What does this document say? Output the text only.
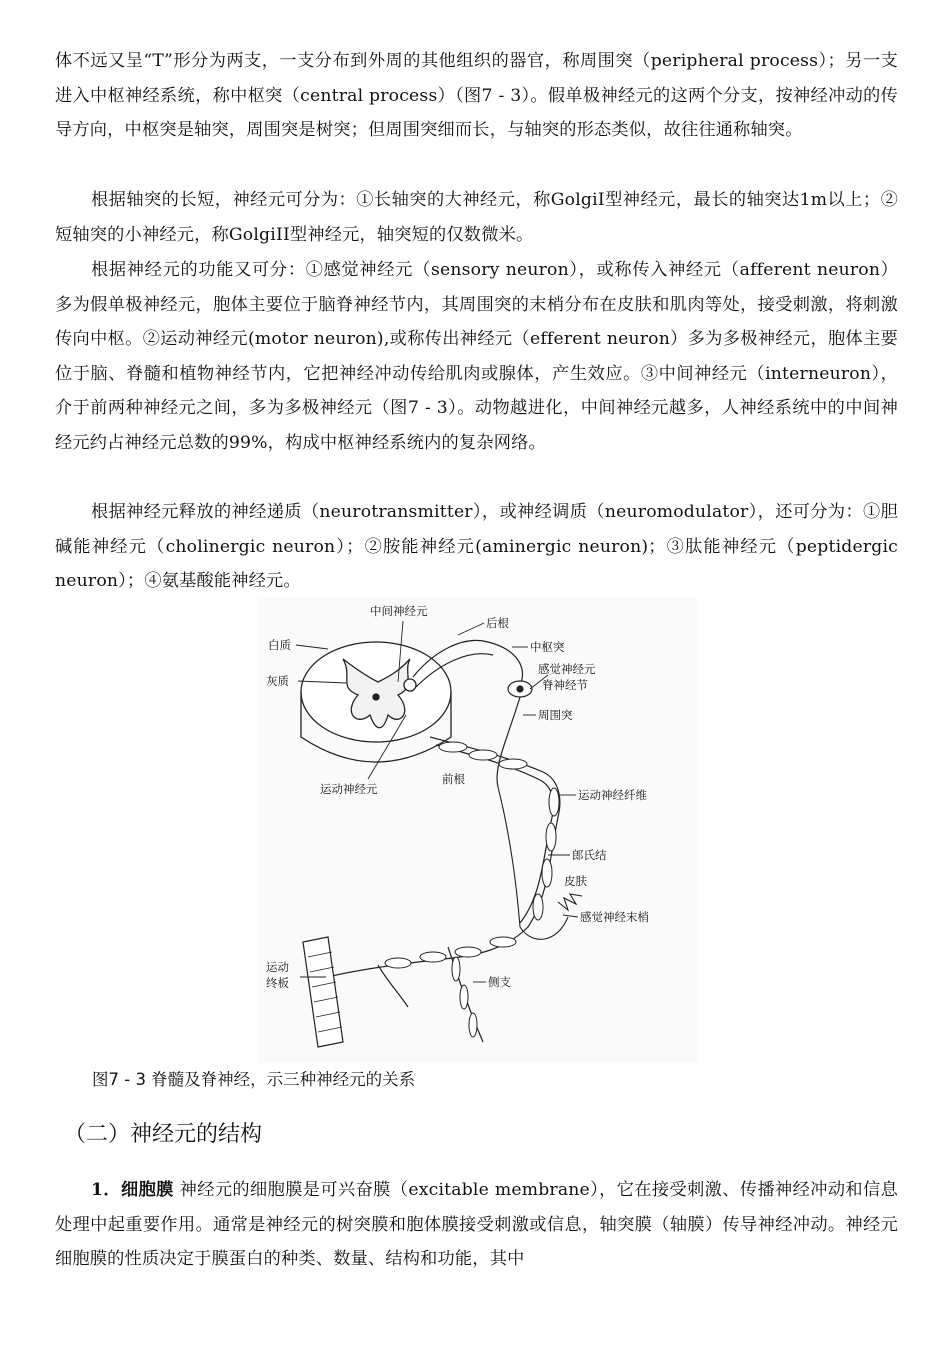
体不远又呈“T”形分为两支，一支分布到外周的其他组织的器官，称周围突（peripheral process）；另一支进入中枢神经系统，称中枢突（central process）（图7 - 3）。假单极神经元的这两个分支，按神经冲动的传导方向，中枢突是轴突，周围突是树突；但周围突细而长，与轴突的形态类似，故往往通称轴突。

根据轴突的长短，神经元可分为：①长轴突的大神经元，称GolgiI型神经元，最长的轴突达1m以上；②短轴突的小神经元，称GolgiII型神经元，轴突短的仅数微米。

根据神经元的功能又可分：①感觉神经元（sensory neuron），或称传入神经元（afferent neuron）多为假单极神经元，胞体主要位于脑脊神经节内，其周围突的末梢分布在皮肤和肌肉等处，接受刺激，将刺激传向中枢。②运动神经元(motor neuron),或称传出神经元（efferent neuron）多为多极神经元，胞体主要位于脑、脊髓和植物神经节内，它把神经冲动传给肌肉或腺体，产生效应。③中间神经元（interneuron），介于前两种神经元之间，多为多极神经元（图7 - 3）。动物越进化，中间神经元越多，人神经系统中的中间神经元约占神经元总数的99%，构成中枢神经系统内的复杂网络。

根据神经元释放的神经递质（neurotransmitter），或神经调质（neuromodulator），还可分为：①胆碱能神经元（cholinergic neuron）；②胺能神经元(aminergic neuron)；③肽能神经元（peptidergic neuron）；④氨基酸能神经元。

中间神经元
后根
白质	中枢突
灰质
感觉神经元
脊神经节
周围突
运动神经元
前根
运动神经纤维
郎氏结
皮肤
感觉神经末梢
运动
终板	侧支

图7 - 3 脊髓及脊神经，示三种神经元的关系

（二）神经元的结构

1．细胞膜 神经元的细胞膜是可兴奋膜（excitable membrane），它在接受刺激、传播神经冲动和信息处理中起重要作用。通常是神经元的树突膜和胞体膜接受刺激或信息，轴突膜（轴膜）传导神经冲动。神经元细胞膜的性质决定于膜蛋白的种类、数量、结构和功能，其中
